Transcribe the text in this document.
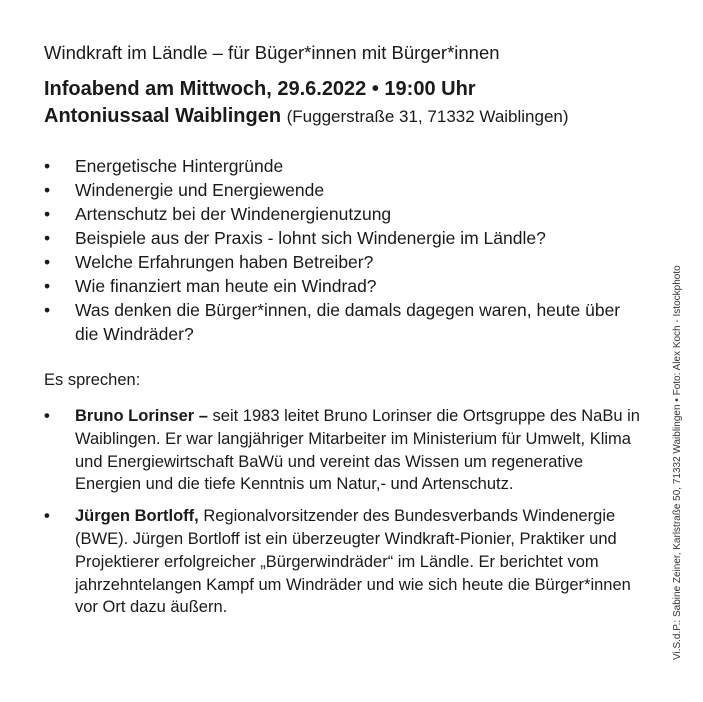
Windkraft im Ländle – für Büger*innen mit Bürger*innen

Infoabend am Mittwoch, 29.6.2022 • 19:00 Uhr

Antoniussaal Waiblingen (Fuggerstraße 31, 71332 Waiblingen)

• Energetische Hintergründe
• Windenergie und Energiewende
• Artenschutz bei der Windenergienutzung
• Beispiele aus der Praxis - lohnt sich Windenergie im Ländle?
• Welche Erfahrungen haben Betreiber?
• Wie finanziert man heute ein Windrad?
• Was denken die Bürger*innen, die damals dagegen waren, heute über die Windräder?

Es sprechen:

• Bruno Lorinser – seit 1983 leitet Bruno Lorinser die Ortsgruppe des NaBu in Waiblingen. Er war langjähriger Mitarbeiter im Ministerium für Umwelt, Klima und Energiewirtschaft BaWü und vereint das Wissen um regenerative Energien und die tiefe Kenntnis um Natur,- und Artenschutz.
• Jürgen Bortloff, Regionalvorsitzender des Bundesverbands Windenergie (BWE). Jürgen Bortloff ist ein überzeugter Windkraft-Pionier, Praktiker und Projektierer erfolgreicher „Bürgerwindräder“ im Ländle. Er berichtet vom jahrzehntelangen Kampf um Windräder und wie sich heute die Bürger*innen vor Ort dazu äußern.	Vi.S.d.P.: Sabine Zeiner, Karlstraße 50, 71332 Waiblingen • Foto: Alex Koch - Istockphoto
